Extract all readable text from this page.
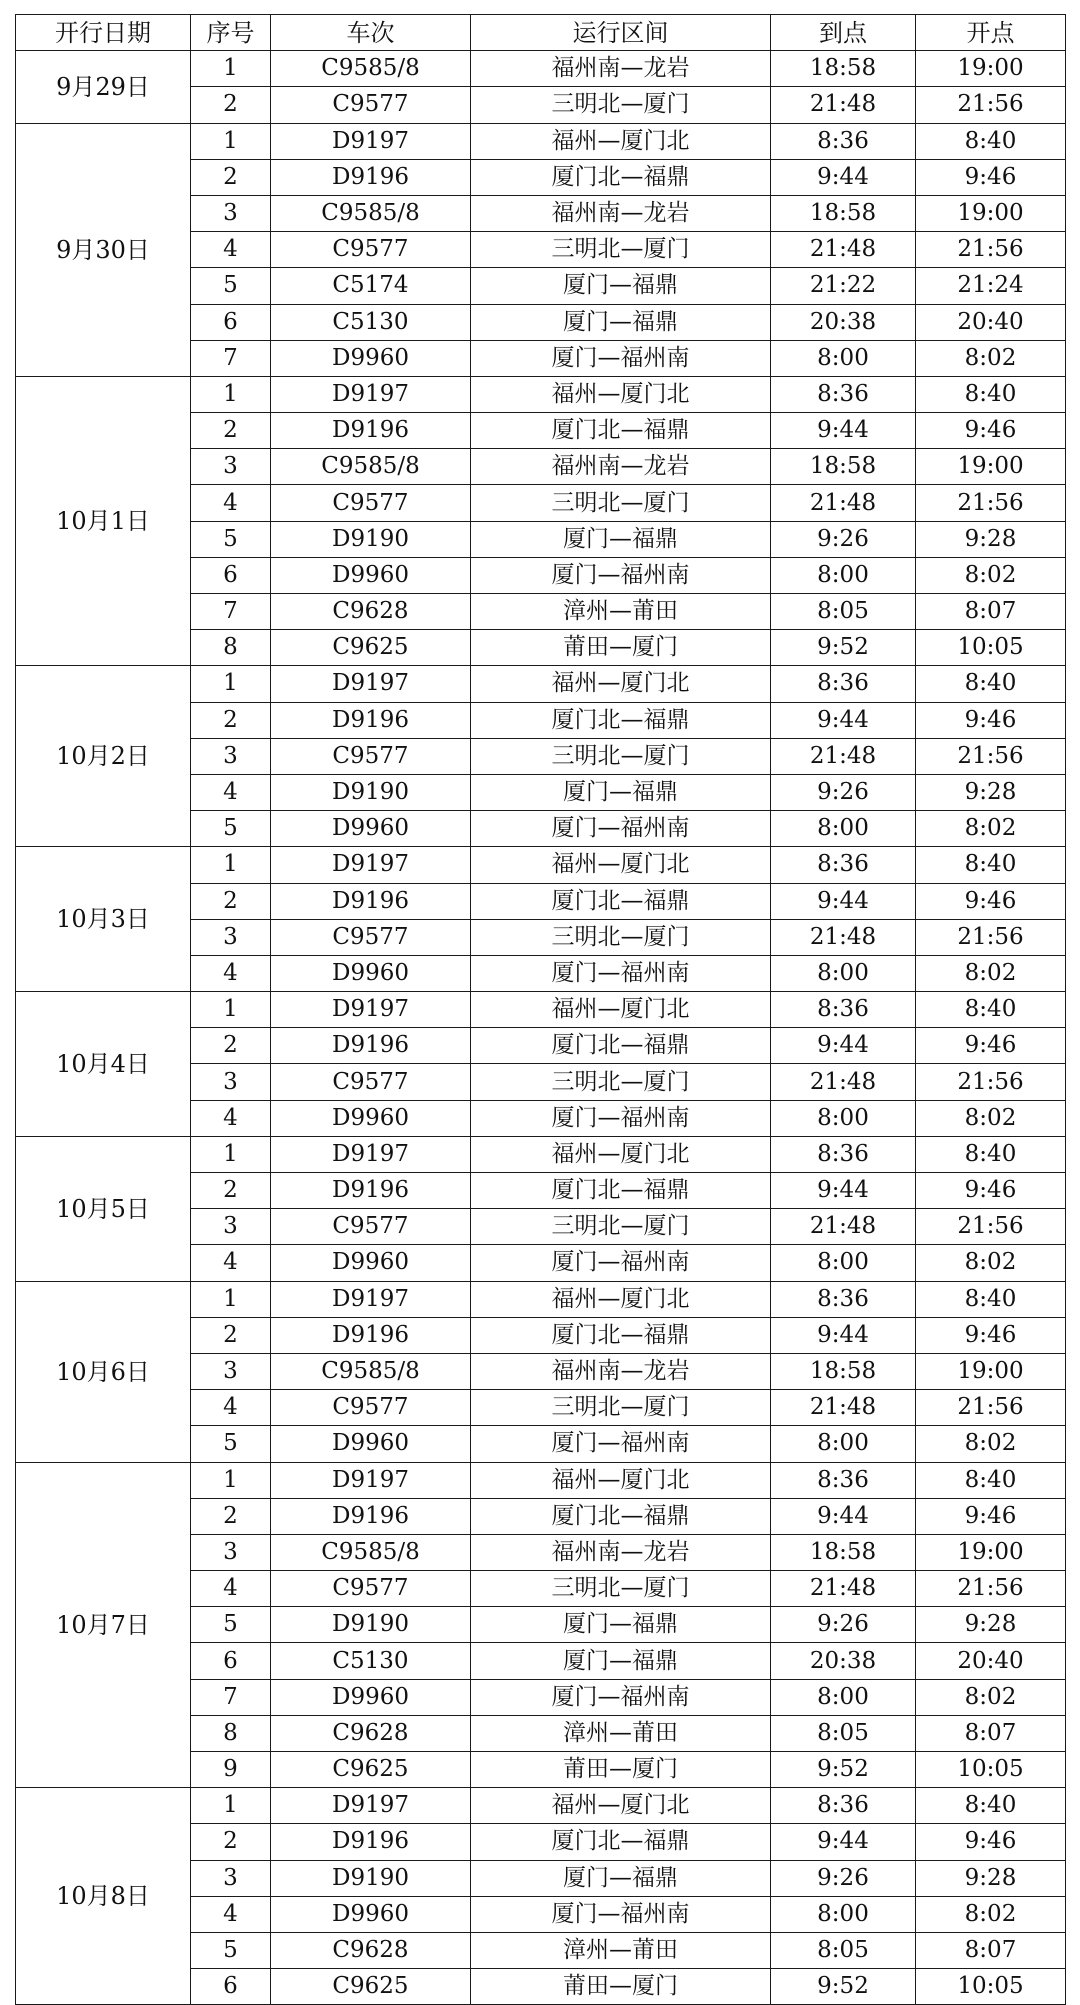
开行日期	序号	车次	运行区间	到点	开点
9月29日	1	C9585/8	福州南—龙岩	18:58	19:00
	2	C9577	三明北—厦门	21:48	21:56
9月30日	1	D9197	福州—厦门北	8:36	8:40
	2	D9196	厦门北—福鼎	9:44	9:46
	3	C9585/8	福州南—龙岩	18:58	19:00
	4	C9577	三明北—厦门	21:48	21:56
	5	C5174	厦门—福鼎	21:22	21:24
	6	C5130	厦门—福鼎	20:38	20:40
	7	D9960	厦门—福州南	8:00	8:02
10月1日	1	D9197	福州—厦门北	8:36	8:40
	2	D9196	厦门北—福鼎	9:44	9:46
	3	C9585/8	福州南—龙岩	18:58	19:00
	4	C9577	三明北—厦门	21:48	21:56
	5	D9190	厦门—福鼎	9:26	9:28
	6	D9960	厦门—福州南	8:00	8:02
	7	C9628	漳州—莆田	8:05	8:07
	8	C9625	莆田—厦门	9:52	10:05
10月2日	1	D9197	福州—厦门北	8:36	8:40
	2	D9196	厦门北—福鼎	9:44	9:46
	3	C9577	三明北—厦门	21:48	21:56
	4	D9190	厦门—福鼎	9:26	9:28
	5	D9960	厦门—福州南	8:00	8:02
10月3日	1	D9197	福州—厦门北	8:36	8:40
	2	D9196	厦门北—福鼎	9:44	9:46
	3	C9577	三明北—厦门	21:48	21:56
	4	D9960	厦门—福州南	8:00	8:02
10月4日	1	D9197	福州—厦门北	8:36	8:40
	2	D9196	厦门北—福鼎	9:44	9:46
	3	C9577	三明北—厦门	21:48	21:56
	4	D9960	厦门—福州南	8:00	8:02
10月5日	1	D9197	福州—厦门北	8:36	8:40
	2	D9196	厦门北—福鼎	9:44	9:46
	3	C9577	三明北—厦门	21:48	21:56
	4	D9960	厦门—福州南	8:00	8:02
10月6日	1	D9197	福州—厦门北	8:36	8:40
	2	D9196	厦门北—福鼎	9:44	9:46
	3	C9585/8	福州南—龙岩	18:58	19:00
	4	C9577	三明北—厦门	21:48	21:56
	5	D9960	厦门—福州南	8:00	8:02
10月7日	1	D9197	福州—厦门北	8:36	8:40
	2	D9196	厦门北—福鼎	9:44	9:46
	3	C9585/8	福州南—龙岩	18:58	19:00
	4	C9577	三明北—厦门	21:48	21:56
	5	D9190	厦门—福鼎	9:26	9:28
	6	C5130	厦门—福鼎	20:38	20:40
	7	D9960	厦门—福州南	8:00	8:02
	8	C9628	漳州—莆田	8:05	8:07
	9	C9625	莆田—厦门	9:52	10:05
10月8日	1	D9197	福州—厦门北	8:36	8:40
	2	D9196	厦门北—福鼎	9:44	9:46
	3	D9190	厦门—福鼎	9:26	9:28
	4	D9960	厦门—福州南	8:00	8:02
	5	C9628	漳州—莆田	8:05	8:07
	6	C9625	莆田—厦门	9:52	10:05
